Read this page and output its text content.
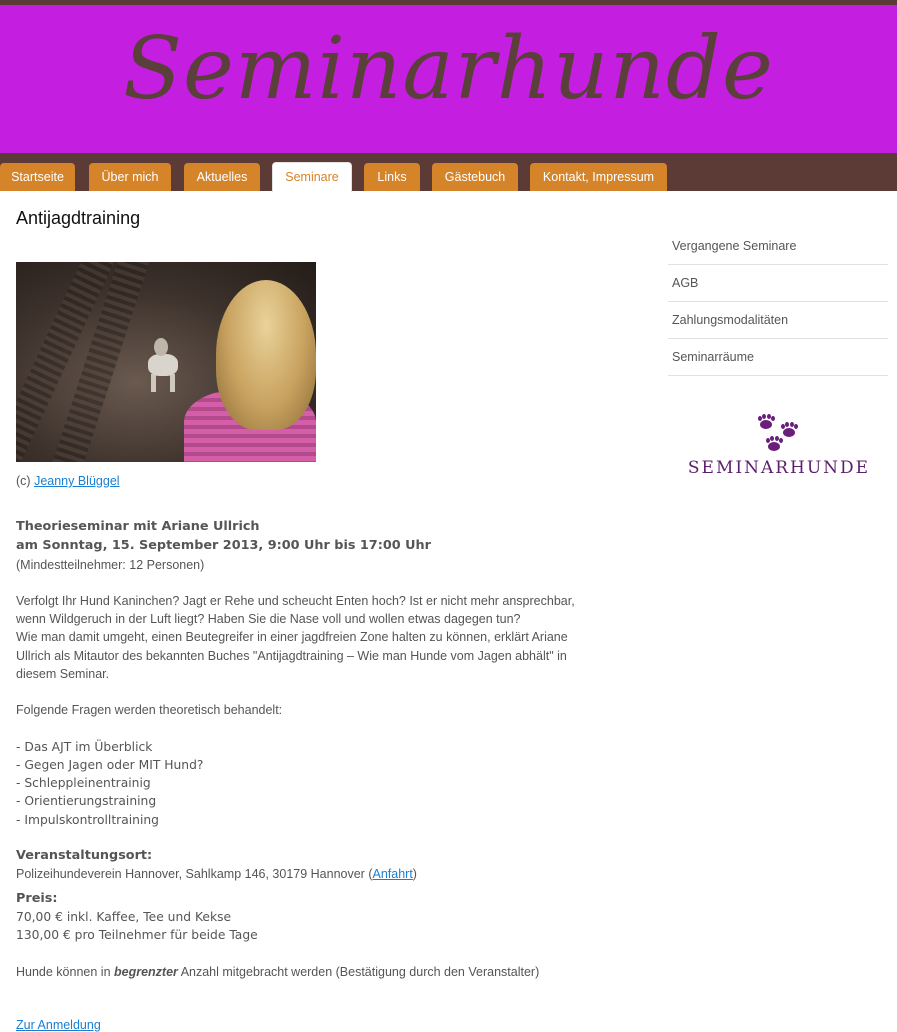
Seminarhunde
Startseite	Über mich	Aktuelles	Seminare	Links	Gästebuch	Kontakt, Impressum
Antijagdtraining
(c) Jeanny Blüggel
Theorieseminar mit Ariane Ullrich
am Sonntag, 15. September 2013, 9:00 Uhr bis 17:00 Uhr
(Mindestteilnehmer: 12 Personen)
Verfolgt Ihr Hund Kaninchen? Jagt er Rehe und scheucht Enten hoch? Ist er nicht mehr ansprechbar,
wenn Wildgeruch in der Luft liegt? Haben Sie die Nase voll und wollen etwas dagegen tun?
Wie man damit umgeht, einen Beutegreifer in einer jagdfreien Zone halten zu können, erklärt Ariane
Ullrich als Mitautor des bekannten Buches "Antijagdtraining – Wie man Hunde vom Jagen abhält" in
diesem Seminar.
Folgende Fragen werden theoretisch behandelt:
- Das AJT im Überblick
- Gegen Jagen oder MIT Hund?
- Schleppleinentrainig
- Orientierungstraining
- Impulskontrolltraining
Veranstaltungsort:
Polizeihundeverein Hannover, Sahlkamp 146, 30179 Hannover (Anfahrt)
Preis:
70,00 € inkl. Kaffee, Tee und Kekse
130,00 € pro Teilnehmer für beide Tage
Hunde können in begrenzter Anzahl mitgebracht werden (Bestätigung durch den Veranstalter)
Zur Anmeldung
Vergangene Seminare
AGB
Zahlungsmodalitäten
Seminarräume
SEMINARHUNDE
